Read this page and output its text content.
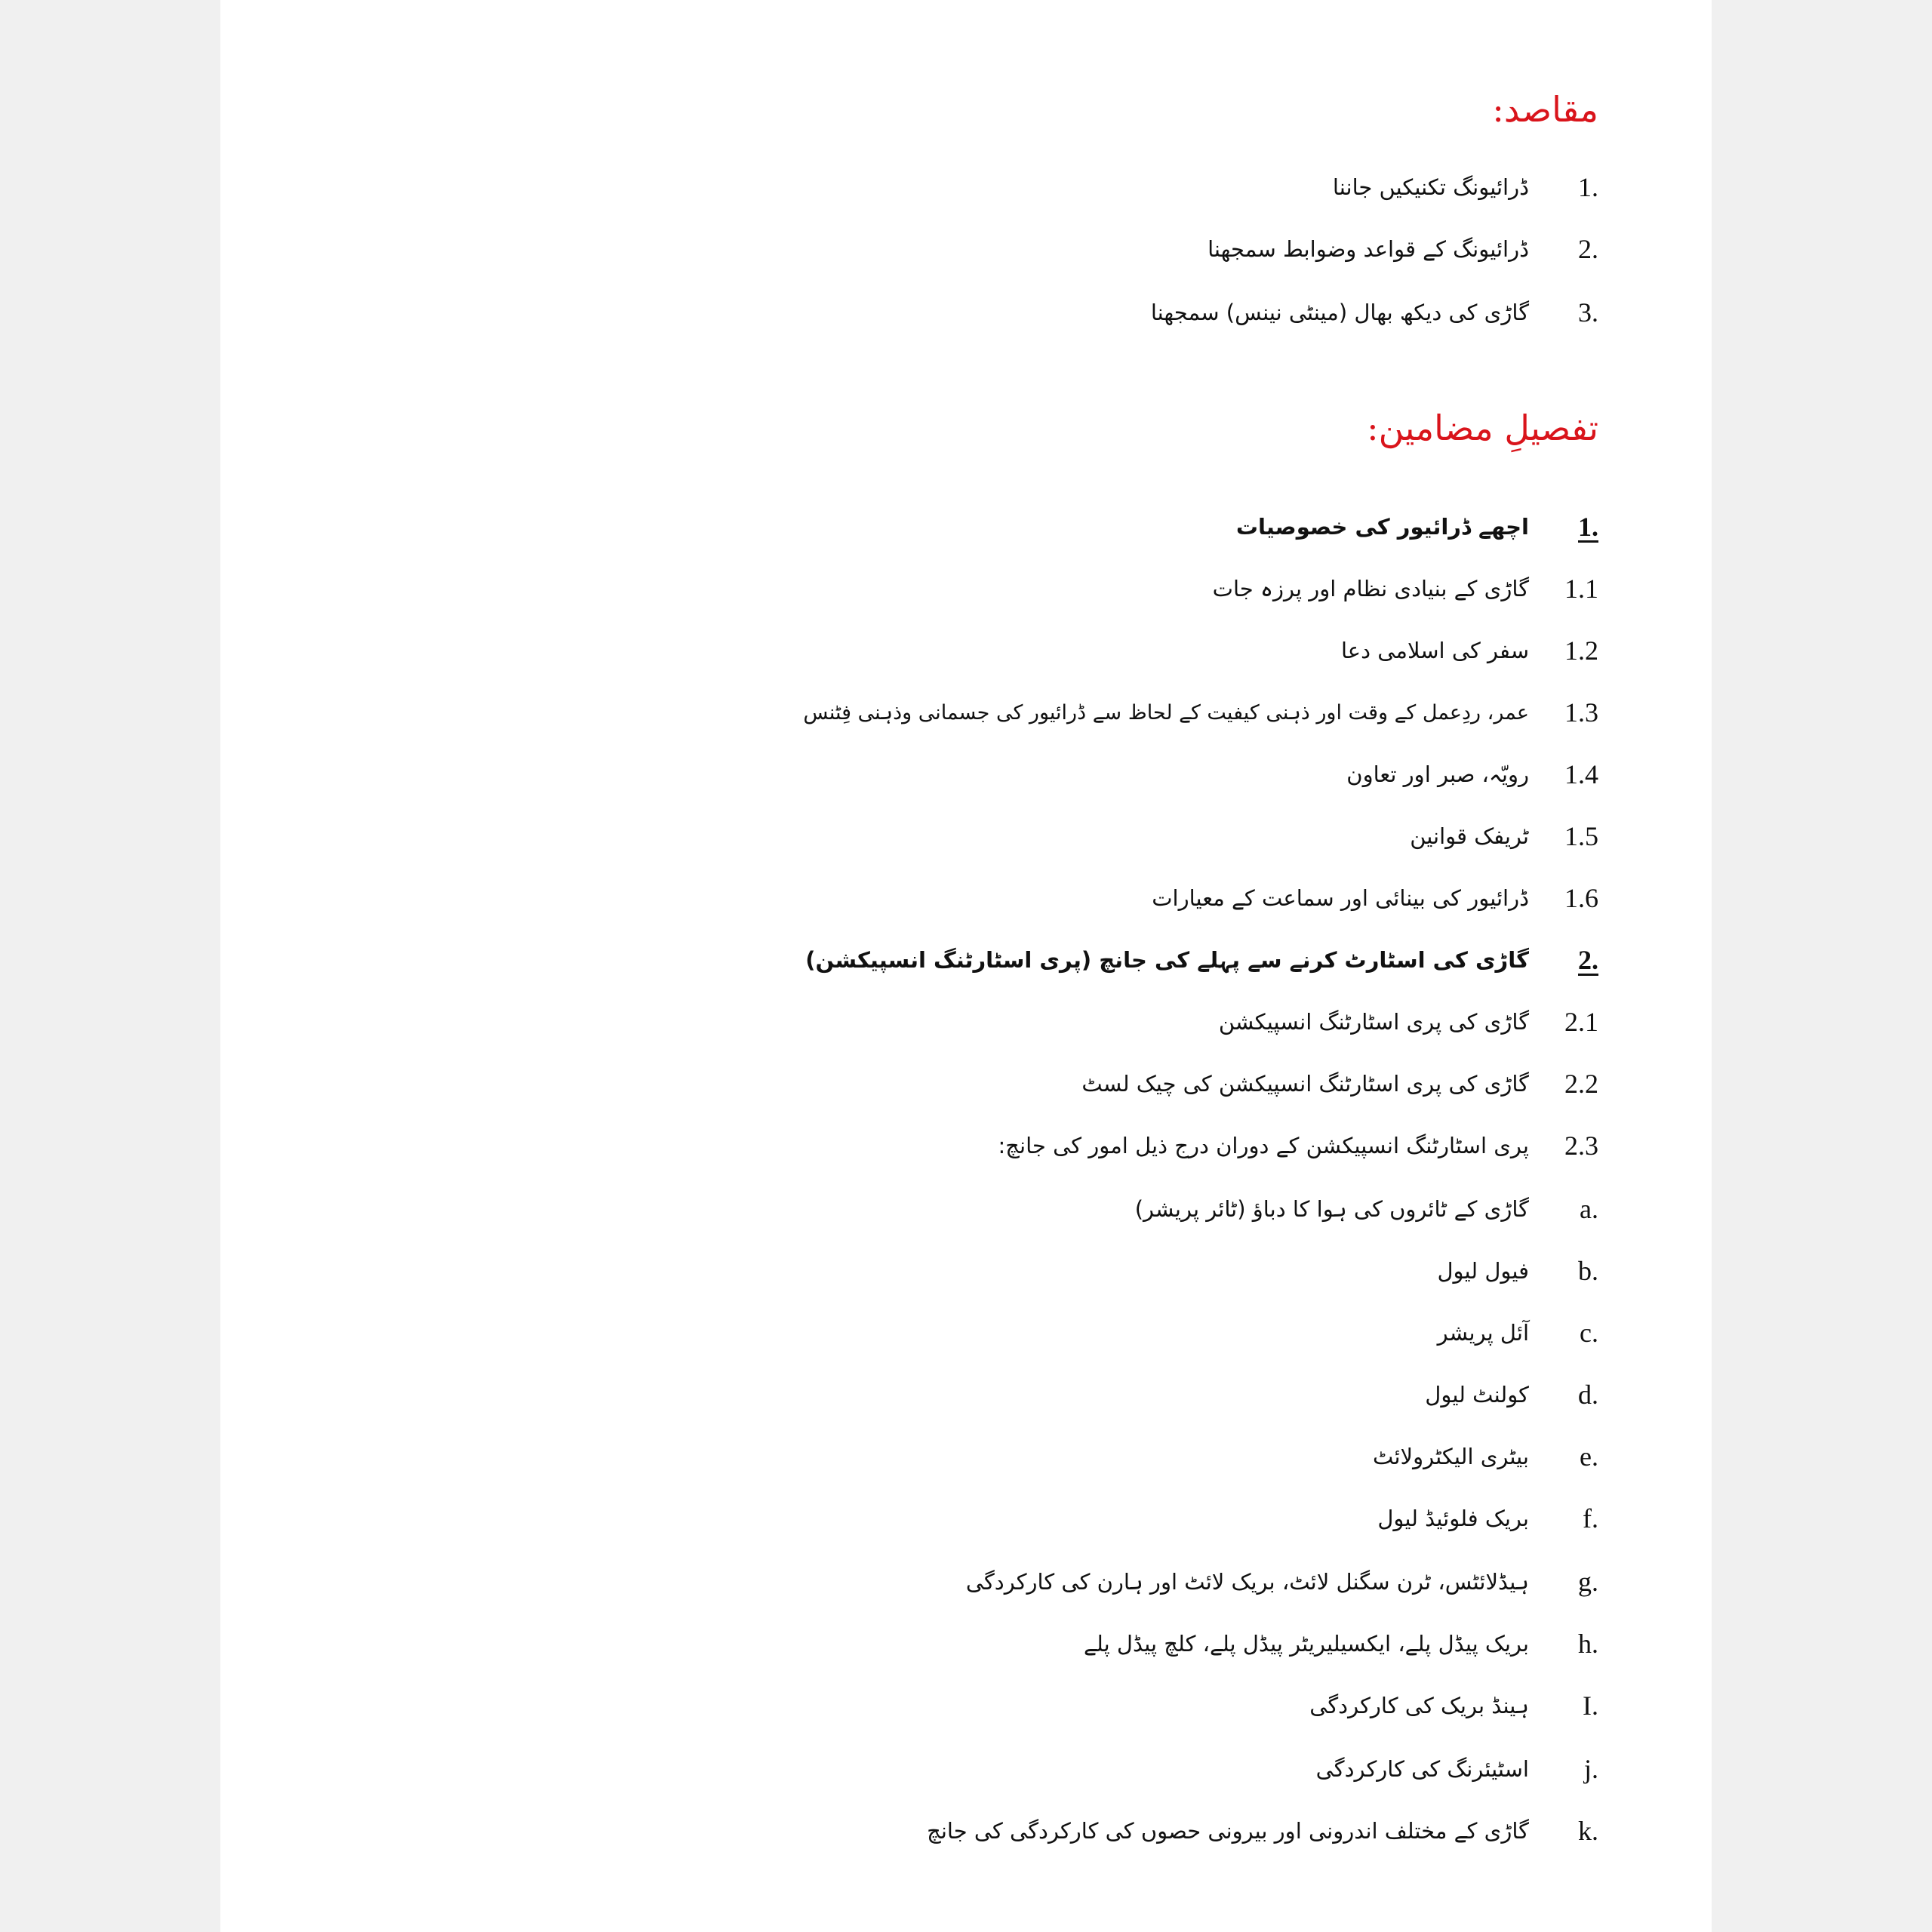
مقاصد:
1.
ڈرائیونگ تکنیکیں جاننا
2.
ڈرائیونگ کے قواعد وضوابط سمجھنا
3.
گاڑی کی دیکھ بھال (مینٹی نینس) سمجھنا
تفصیلِ مضامین:
1.
اچھے ڈرائیور کی خصوصیات
1.1
گاڑی کے بنیادی نظام اور پرزہ جات
1.2
سفر کی اسلامی دعا
1.3
عمر، ردِعمل کے وقت اور ذہنی کیفیت کے لحاظ سے ڈرائیور کی جسمانی وذہنی فِٹنس
1.4
رویّہ، صبر اور تعاون
1.5
ٹریفک قوانین
1.6
ڈرائیور کی بینائی اور سماعت کے معیارات
2.
گاڑی کی اسٹارٹ کرنے سے پہلے کی جانچ (پری اسٹارٹنگ انسپیکشن)
2.1
گاڑی کی پری اسٹارٹنگ انسپیکشن
2.2
گاڑی کی پری اسٹارٹنگ انسپیکشن کی چیک لسٹ
2.3
پری اسٹارٹنگ انسپیکشن کے دوران درج ذیل امور کی جانچ:
a.
گاڑی کے ٹائروں کی ہوا کا دباؤ (ٹائر پریشر)
b.
فیول لیول
c.
آئل پریشر
d.
کولنٹ لیول
e.
بیٹری الیکٹرولائٹ
f.
بریک فلوئیڈ لیول
g.
ہیڈلائٹس، ٹرن سگنل لائٹ، بریک لائٹ اور ہارن کی کارکردگی
h.
بریک پیڈل پلے، ایکسیلیریٹر پیڈل پلے، کلچ پیڈل پلے
I.
ہینڈ بریک کی کارکردگی
j.
اسٹیئرنگ کی کارکردگی
k.
گاڑی کے مختلف اندرونی اور بیرونی حصوں کی کارکردگی کی جانچ
